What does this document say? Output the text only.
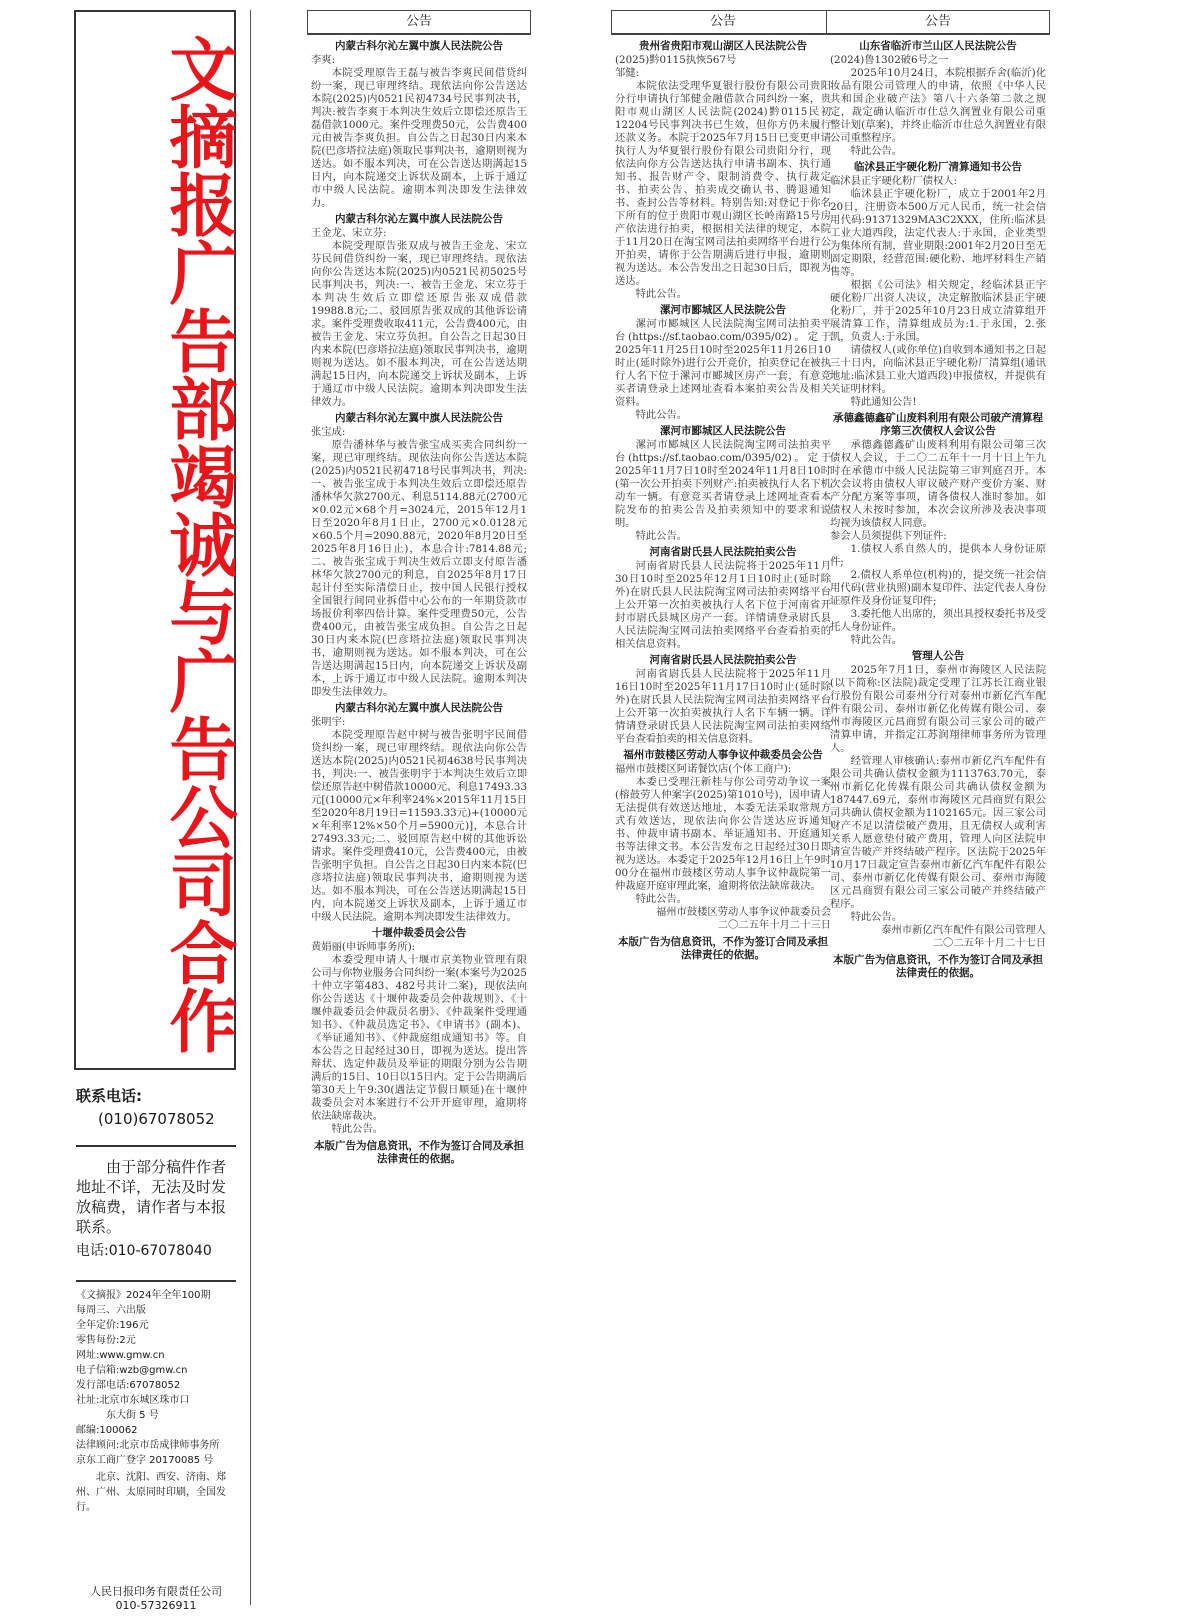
文摘报广告部竭诚与广告公司合作

联系电话:

(010)67078052

由于部分稿件作者地址不详，无法及时发放稿费，请作者与本报联系。

电话:010-67078040

《文摘报》2024年全年100期
每周三、六出版
全年定价:196元
零售每份:2元
网址:www.gmw.cn
电子信箱:wzb@gmw.cn
发行部电话:67078052
社址:北京市东城区珠市口
东大街 5 号
邮编:100062
法律顾问:北京市岳成律师事务所
京东工商广登字 20170085 号
北京、沈阳、西安、济南、郑州、广州、太原同时印刷，全国发行。
人民日报印务有限责任公司
010-57326911
公告
内蒙古科尔沁左翼中旗人民法院公告

李爽:

本院受理原告王磊与被告李爽民间借贷纠纷一案，现已审理终结。现依法向你公告送达本院(2025)内0521民初4734号民事判决书，判决:被告李爽于本判决生效后立即偿还原告王磊借款1000元。案件受理费50元，公告费400元由被告李爽负担。自公告之日起30日内来本院(巴彦塔拉法庭)领取民事判决书，逾期则视为送达。如不服本判决，可在公告送达期满起15日内，向本院递交上诉状及副本，上诉于通辽市中级人民法院。逾期本判决即发生法律效力。

内蒙古科尔沁左翼中旗人民法院公告

王金龙、宋立芬:

本院受理原告张双成与被告王金龙、宋立芬民间借贷纠纷一案，现已审理终结。现依法向你公告送达本院(2025)内0521民初5025号民事判决书，判决:一、被告王金龙、宋立芬于本判决生效后立即偿还原告张双成借款19988.8元;二、驳回原告张双成的其他诉讼请求。案件受理费收取411元，公告费400元，由被告王金龙、宋立芬负担。自公告之日起30日内来本院(巴彦塔拉法庭)领取民事判决书，逾期则视为送达。如不服本判决，可在公告送达期满起15日内，向本院递交上诉状及副本，上诉于通辽市中级人民法院。逾期本判决即发生法律效力。

内蒙古科尔沁左翼中旗人民法院公告

张宝成:

原告潘林华与被告张宝成买卖合同纠纷一案，现已审理终结。现依法向你公告送达本院(2025)内0521民初4718号民事判决书，判决:一、被告张宝成于本判决生效后立即偿还原告潘林华欠款2700元、利息5114.88元(2700元×0.02元×68个月=3024元，2015年12月1日至2020年8月1日止，2700元×0.0128元×60.5个月=2090.88元，2020年8月20日至2025年8月16日止)，本息合计:7814.88元;二、被告张宝成于判决生效后立即支付原告潘林华欠款2700元的利息，自2025年8月17日起计付至实际清偿日止，按中国人民银行授权全国银行间同业拆借中心公布的一年期贷款市场报价利率四倍计算。案件受理费50元，公告费400元，由被告张宝成负担。自公告之日起30日内来本院(巴彦塔拉法庭)领取民事判决书，逾期则视为送达。如不服本判决，可在公告送达期满起15日内，向本院递交上诉状及副本，上诉于通辽市中级人民法院。逾期本判决即发生法律效力。

内蒙古科尔沁左翼中旗人民法院公告

张明宇:

本院受理原告赵中树与被告张明宇民间借贷纠纷一案，现已审理终结。现依法向你公告送达本院(2025)内0521民初4638号民事判决书，判决:一、被告张明宇于本判决生效后立即偿还原告赵中树借款10000元、利息17493.33元[(10000元×年利率24%×2015年11月15日至2020年8月19日=11593.33元)+(10000元×年利率12%×50个月=5900元)]，本息合计27493.33元;二、驳回原告赵中树的其他诉讼请求。案件受理费410元，公告费400元，由被告张明宇负担。自公告之日起30日内来本院(巴彦塔拉法庭)领取民事判决书，逾期则视为送达。如不服本判决，可在公告送达期满起15日内，向本院递交上诉状及副本，上诉于通辽市中级人民法院。逾期本判决即发生法律效力。

十堰仲裁委员会公告

黄娟丽(申诉师事务所):

本委受理申请人十堰市京美物业管理有限公司与你物业服务合同纠纷一案(本案号为2025十仲立字第483、482号共计二案)，现依法向你公告送达《十堰仲裁委员会仲裁规则》、《十堰仲裁委员会仲裁员名册》、《仲裁案件受理通知书》、《仲裁员选定书》、《申请书》(副本)、《举证通知书》、《仲裁庭组成通知书》等。自本公告之日起经过30日，即视为送达。提出答辩状、选定仲裁员及举证的期限分别为公告期满后的15日、10日以15日内。定于公告期满后第30天上午9:30(遇法定节假日顺延)在十堰仲裁委员会对本案进行不公开开庭审理，逾期将依法缺席裁决。

特此公告。

本版广告为信息资讯，不作为签订合同及承担法律责任的依据。
公告
贵州省贵阳市观山湖区人民法院公告

(2025)黔0115执恢567号

邹健:

本院依法受理华夏银行股份有限公司贵阳分行申请执行邹健金融借款合同纠纷一案，贵阳市观山湖区人民法院(2024)黔0115民初12204号民事判决书已生效，但你方仍未履行还款义务。本院于2025年7月15日已变更申请执行人为华夏银行股份有限公司贵阳分行，现依法向你方公告送达执行申请书副本、执行通知书、报告财产令、限制消费令、执行裁定书、拍卖公告、拍卖成交确认书、腾退通知书、查封公告等材料。特别告知:对登记于你名下所有的位于贵阳市观山湖区长岭南路15号房产依法进行拍卖，根据相关法律的规定，本院于11月20日在淘宝网司法拍卖网络平台进行公开拍卖，请你于公告期满后进行申报，逾期则视为送达。本公告发出之日起30日后，即视为送达。

特此公告。

漯河市郾城区人民法院公告

漯河市郾城区人民法院淘宝网司法拍卖平台(https://sf.taobao.com/0395/02)。定于2025年11月25日10时至2025年11月26日10时止(延时除外)进行公开竞价，拍卖登记在被执行人名下位于漯河市郾城区房产一套，有意竞买者请登录上述网址查看本案拍卖公告及相关资料。

特此公告。

漯河市郾城区人民法院公告

漯河市郾城区人民法院淘宝网司法拍卖平台(https://sf.taobao.com/0395/02)。定于2025年11月7日10时至2024年11月8日10时(第一次公开拍卖下列财产:拍卖被执行人名下机动车一辆。有意竞买者请登录上述网址查看本院发布的拍卖公告及拍卖须知中的要求和说明。

特此公告。

河南省尉氏县人民法院拍卖公告

河南省尉氏县人民法院将于2025年11月30日10时至2025年12月1日10时止(延时除外)在尉氏县人民法院淘宝网司法拍卖网络平台上公开第一次拍卖被执行人名下位于河南省开封市尉氏县城区房产一套。详情请登录尉氏县人民法院淘宝网司法拍卖网络平台查看拍卖的相关信息资料。

河南省尉氏县人民法院拍卖公告

河南省尉氏县人民法院将于2025年11月16日10时至2025年11月17日10时止(延时除外)在尉氏县人民法院淘宝网司法拍卖网络平台上公开第一次拍卖被执行人名下车辆一辆。详情请登录尉氏县人民法院淘宝网司法拍卖网络平台查看拍卖的相关信息资料。

福州市鼓楼区劳动人事争议仲裁委员会公告

福州市鼓楼区阿诺餐饮店(个体工商户):

本委已受理汪新桂与你公司劳动争议一案(榕鼓劳人仲案字(2025)第1010号)，因申请人无法提供有效送达地址，本委无法采取常规方式有效送达，现依法向你公告送达应诉通知书、仲裁申请书副本、举证通知书、开庭通知书等法律文书。本公告发布之日起经过30日即视为送达。本委定于2025年12月16日上午9时00分在福州市鼓楼区劳动人事争议仲裁院第一仲裁庭开庭审理此案，逾期将依法缺席裁决。

特此公告。

福州市鼓楼区劳动人事争议仲裁委员会

二〇二五年十月二十三日

本版广告为信息资讯，不作为签订合同及承担法律责任的依据。
公告
山东省临沂市兰山区人民法院公告

(2024)鲁1302破6号之一

2025年10月24日，本院根据乔舍(临沂)化妆品有限公司管理人的申请，依照《中华人民共和国企业破产法》第八十六条第二款之规定，裁定确认临沂市仕总久润置业有限公司重整计划(草案)，并终止临沂市仕总久润置业有限公司重整程序。

特此公告。

临沭县正宇硬化粉厂清算通知书公告

临沭县正宇硬化粉厂债权人:

临沭县正宇硬化粉厂，成立于2001年2月20日，注册资本500万元人民币，统一社会信用代码:91371329MA3C2XXX，住所:临沭县工业大道西段，法定代表人:于永国，企业类型为集体所有制，营业期限:2001年2月20日至无固定期限，经营范围:硬化粉、地坪材料生产销售等。

根据《公司法》相关规定，经临沭县正宇硬化粉厂出资人决议，决定解散临沭县正宇硬化粉厂，并于2025年10月23日成立清算组开展清算工作，清算组成员为:1.于永国，2.张凯，负责人:于永国。

请债权人(或你单位)自收到本通知书之日起三十日内，向临沭县正宇硬化粉厂清算组(通讯地址:临沭县工业大道西段)申报债权，并提供有关证明材料。

特此通知公告!

承德鑫德鑫矿山废料利用有限公司破产清算程序第三次债权人会议公告

承德鑫德鑫矿山废料利用有限公司第三次债权人会议，于二〇二五年十一月十日上午九时在承德市中级人民法院第三审判庭召开。本次会议将由债权人审议破产财产变价方案、财产分配方案等事项，请各债权人准时参加。如债权人未按时参加，本次会议所涉及表决事项均视为该债权人同意。

参会人员须提供下列证件:

1.债权人系自然人的，提供本人身份证原件;

2.债权人系单位(机构)的，提交统一社会信用代码(营业执照)副本复印件、法定代表人身份证原件及身份证复印件;

3.委托他人出席的，须出具授权委托书及受托人身份证件。

特此公告。

管理人公告

2025年7月1日，泰州市海陵区人民法院(以下简称:区法院)裁定受理了江苏长江商业银行股份有限公司泰州分行对泰州市新亿汽车配件有限公司、泰州市新亿化传媒有限公司、泰州市海陵区元昌商贸有限公司三家公司的破产清算申请，并指定江苏润翔律师事务所为管理人。

经管理人审核确认:泰州市新亿汽车配件有限公司共确认债权金额为1113763.70元，泰州市新亿化传媒有限公司共确认债权金额为187447.69元，泰州市海陵区元昌商贸有限公司共确认债权金额为1102165元。因三家公司财产不足以清偿破产费用，且无债权人或利害关系人愿意垫付破产费用，管理人向区法院申请宣告破产并终结破产程序。区法院于2025年10月17日裁定宣告泰州市新亿汽车配件有限公司、泰州市新亿化传媒有限公司、泰州市海陵区元昌商贸有限公司三家公司破产并终结破产程序。

特此公告。

泰州市新亿汽车配件有限公司管理人

二〇二五年十月二十七日

本版广告为信息资讯，不作为签订合同及承担法律责任的依据。
